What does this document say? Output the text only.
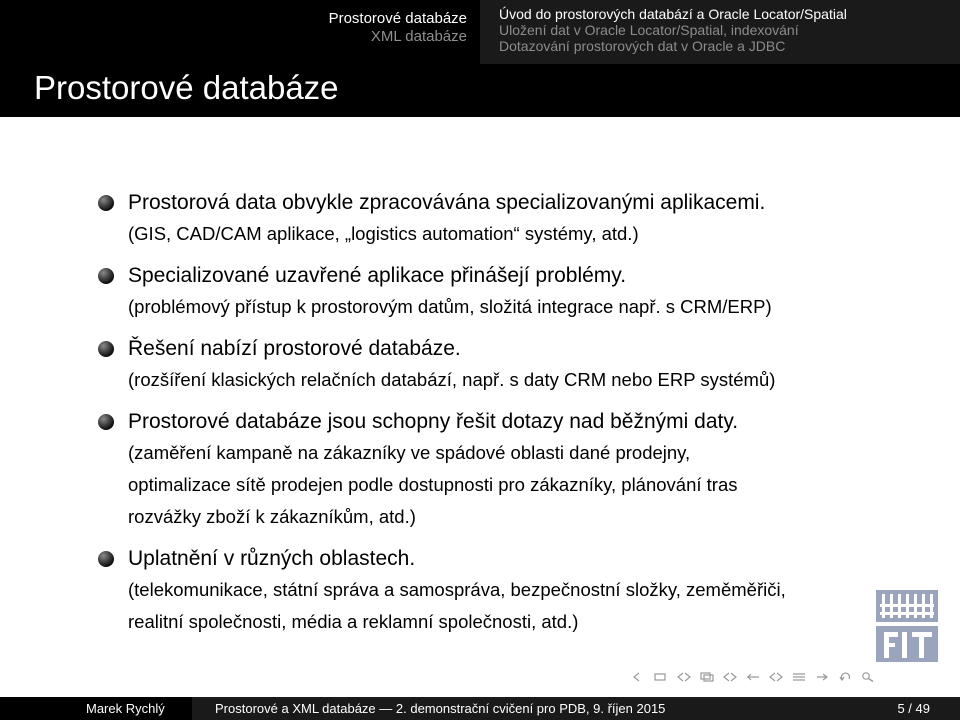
Prostorové databáze
XML databáze
Úvod do prostorových databází a Oracle Locator/Spatial
Uložení dat v Oracle Locator/Spatial, indexování
Dotazování prostorových dat v Oracle a JDBC
Prostorové databáze
Prostorová data obvykle zpracovávána specializovanými aplikacemi.
(GIS, CAD/CAM aplikace, „logistics automation“ systémy, atd.)
Specializované uzavřené aplikace přinášejí problémy.
(problémový přístup k prostorovým datům, složitá integrace např. s CRM/ERP)
Řešení nabízí prostorové databáze.
(rozšíření klasických relačních databází, např. s daty CRM nebo ERP systémů)
Prostorové databáze jsou schopny řešit dotazy nad běžnými daty.
(zaměření kampaně na zákazníky ve spádové oblasti dané prodejny,
optimalizace sítě prodejen podle dostupnosti pro zákazníky, plánování tras
rozvážky zboží k zákazníkům, atd.)
Uplatnění v různých oblastech.
(telekomunikace, státní správa a samospráva, bezpečnostní složky, zeměměřiči,
realitní společnosti, média a reklamní společnosti, atd.)
Marek Rychlý	Prostorové a XML databáze — 2. demonstrační cvičení pro PDB, 9. říjen 2015	5 / 49
